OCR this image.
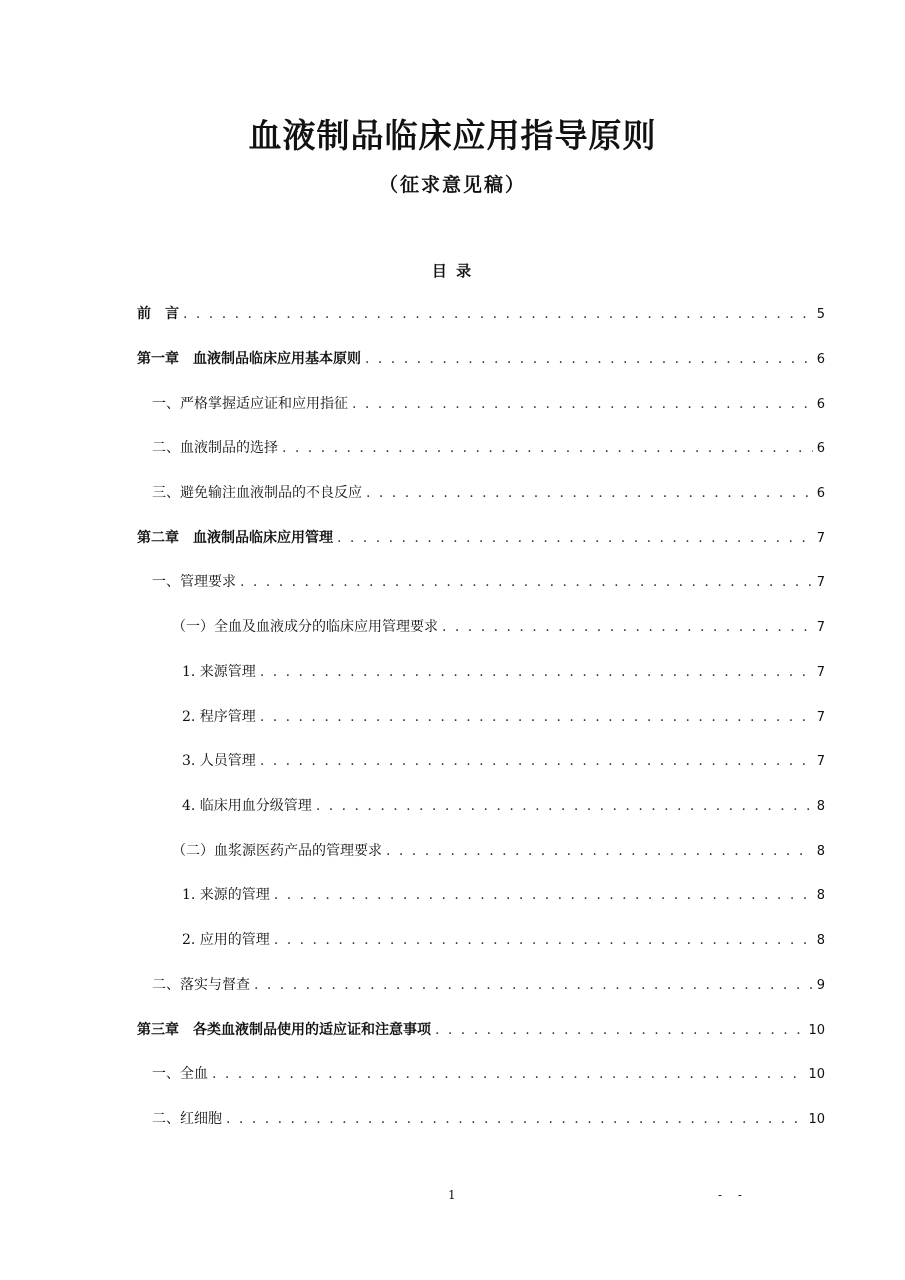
血液制品临床应用指导原则
（征求意见稿）
目 录
前　言 . . .	5
第一章　血液制品临床应用基本原则 . . .	6
一、严格掌握适应证和应用指征 . . .	6
二、血液制品的选择 . . .	6
三、避免输注血液制品的不良反应 . . .	6
第二章　血液制品临床应用管理 . . .	7
一、管理要求 . . .	7
（一）全血及血液成分的临床应用管理要求 . . .	7
1. 来源管理 . . .	7
2. 程序管理 . . .	7
3. 人员管理 . . .	7
4. 临床用血分级管理 . . .	8
（二）血浆源医药产品的管理要求 . . .	8
1. 来源的管理 . . .	8
2. 应用的管理 . . .	8
二、落实与督查 . . .	9
第三章　各类血液制品使用的适应证和注意事项 . . .	10
一、全血 . . .	10
二、红细胞 . . .	10
1	- -
